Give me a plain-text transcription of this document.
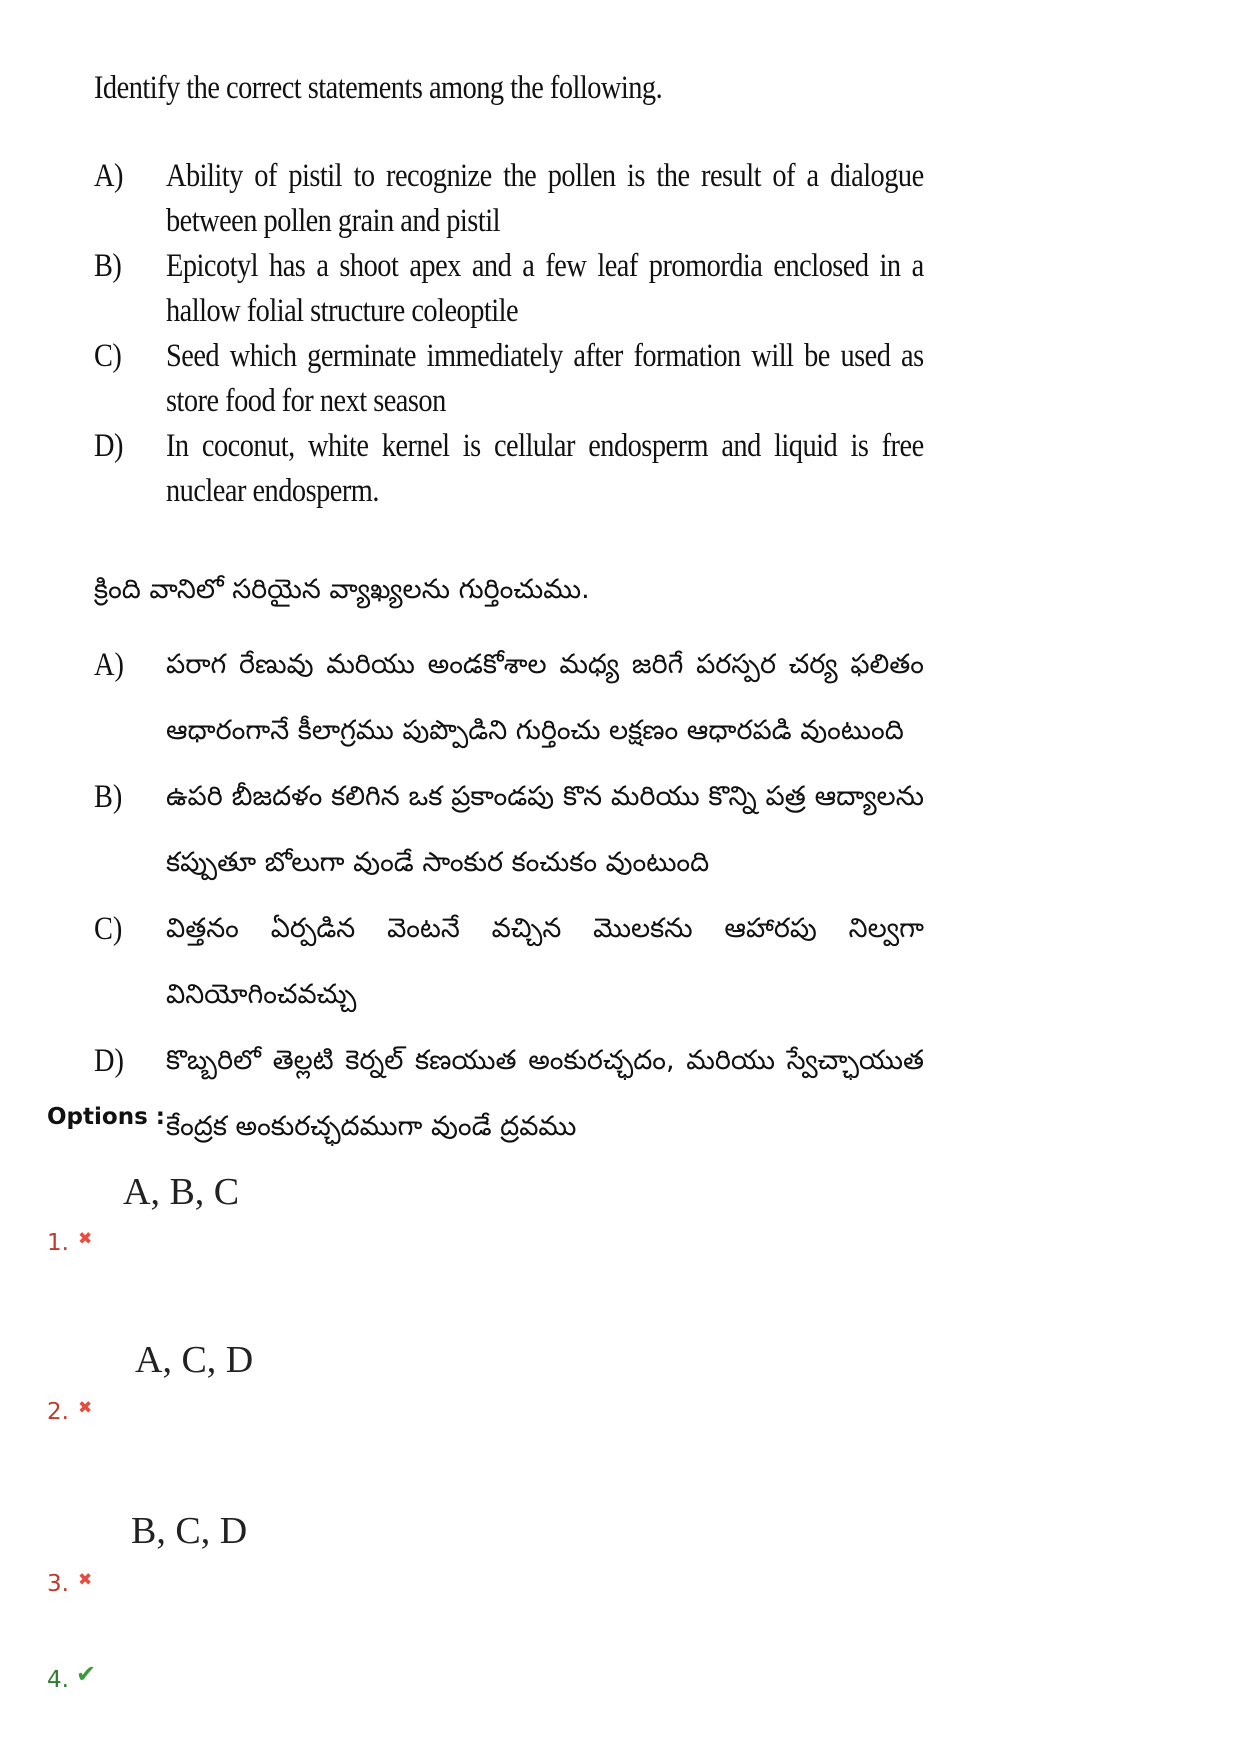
Identify the correct statements among the following.

A)	Ability of pistil to recognize the pollen is the result of a dialogue between pollen grain and pistil
B)	Epicotyl has a shoot apex and a few leaf promordia enclosed in a hallow folial structure coleoptile
C)	Seed which germinate immediately after formation will be used as store food for next season
D)	In coconut, white kernel is cellular endosperm and liquid is free nuclear endosperm.
క్రింది వానిలో సరియైన వ్యాఖ్యలను గుర్తించుము.
A)	పరాగ రేణువు మరియు అండకోశాల మధ్య జరిగే పరస్పర చర్య ఫలితం ఆధారంగానే కీలాగ్రము పుప్పొడిని గుర్తించు లక్షణం ఆధారపడి వుంటుంది
B)	ఉపరి బీజదళం కలిగిన ఒక ప్రకాండపు కొన మరియు కొన్ని పత్ర ఆద్యాలను కప్పుతూ బోలుగా వుండే సాంకుర కంచుకం వుంటుంది
C)	విత్తనం ఏర్పడిన వెంటనే వచ్చిన మొలకను ఆహారపు నిల్వగా వినియోగించవచ్చు
D)	కొబ్బరిలో తెల్లటి కెర్నల్ కణయుత అంకురచ్ఛదం, మరియు స్వేచ్ఛాయుత కేంద్రక అంకురచ్ఛదముగా వుండే ద్రవము
Options :
A, B, C
1. ✖
A, C, D
2. ✖
B, C, D
3. ✖
4. ✔
